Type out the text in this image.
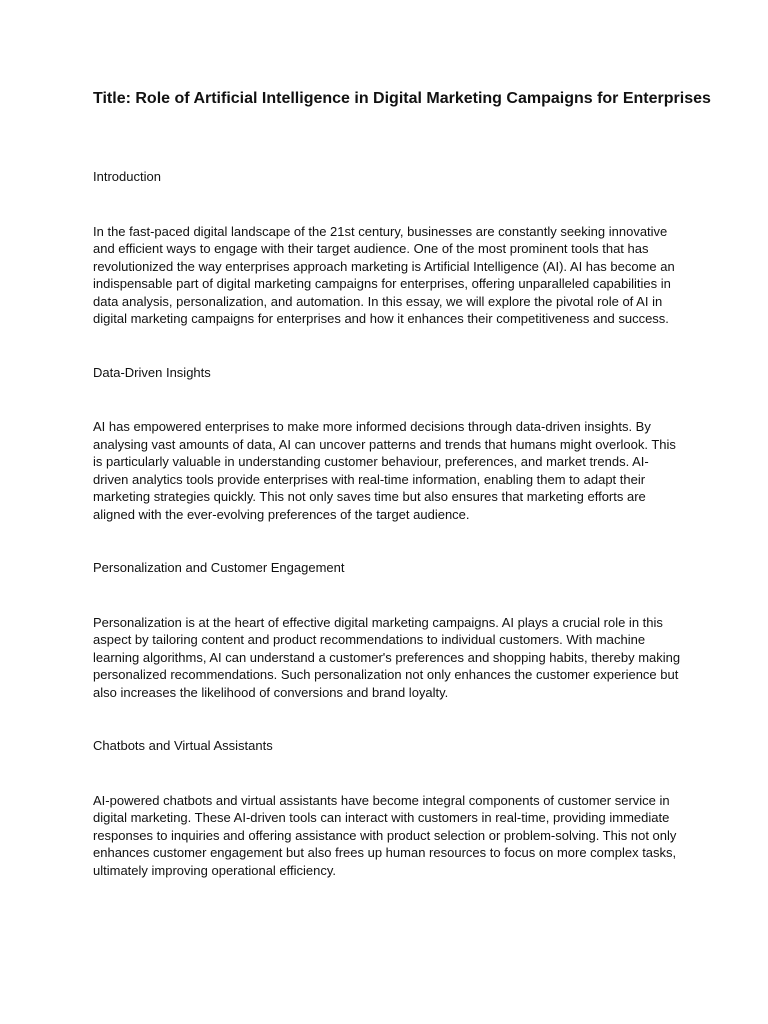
Title: Role of Artificial Intelligence in Digital Marketing Campaigns for Enterprises

Introduction

In the fast-paced digital landscape of the 21st century, businesses are constantly seeking innovative and efficient ways to engage with their target audience. One of the most prominent tools that has revolutionized the way enterprises approach marketing is Artificial Intelligence (AI). AI has become an indispensable part of digital marketing campaigns for enterprises, offering unparalleled capabilities in data analysis, personalization, and automation. In this essay, we will explore the pivotal role of AI in digital marketing campaigns for enterprises and how it enhances their competitiveness and success.

Data-Driven Insights

AI has empowered enterprises to make more informed decisions through data-driven insights. By analysing vast amounts of data, AI can uncover patterns and trends that humans might overlook. This is particularly valuable in understanding customer behaviour, preferences, and market trends. AI-driven analytics tools provide enterprises with real-time information, enabling them to adapt their marketing strategies quickly. This not only saves time but also ensures that marketing efforts are aligned with the ever-evolving preferences of the target audience.

Personalization and Customer Engagement

Personalization is at the heart of effective digital marketing campaigns. AI plays a crucial role in this aspect by tailoring content and product recommendations to individual customers. With machine learning algorithms, AI can understand a customer's preferences and shopping habits, thereby making personalized recommendations. Such personalization not only enhances the customer experience but also increases the likelihood of conversions and brand loyalty.

Chatbots and Virtual Assistants

AI-powered chatbots and virtual assistants have become integral components of customer service in digital marketing. These AI-driven tools can interact with customers in real-time, providing immediate responses to inquiries and offering assistance with product selection or problem-solving. This not only enhances customer engagement but also frees up human resources to focus on more complex tasks, ultimately improving operational efficiency.
